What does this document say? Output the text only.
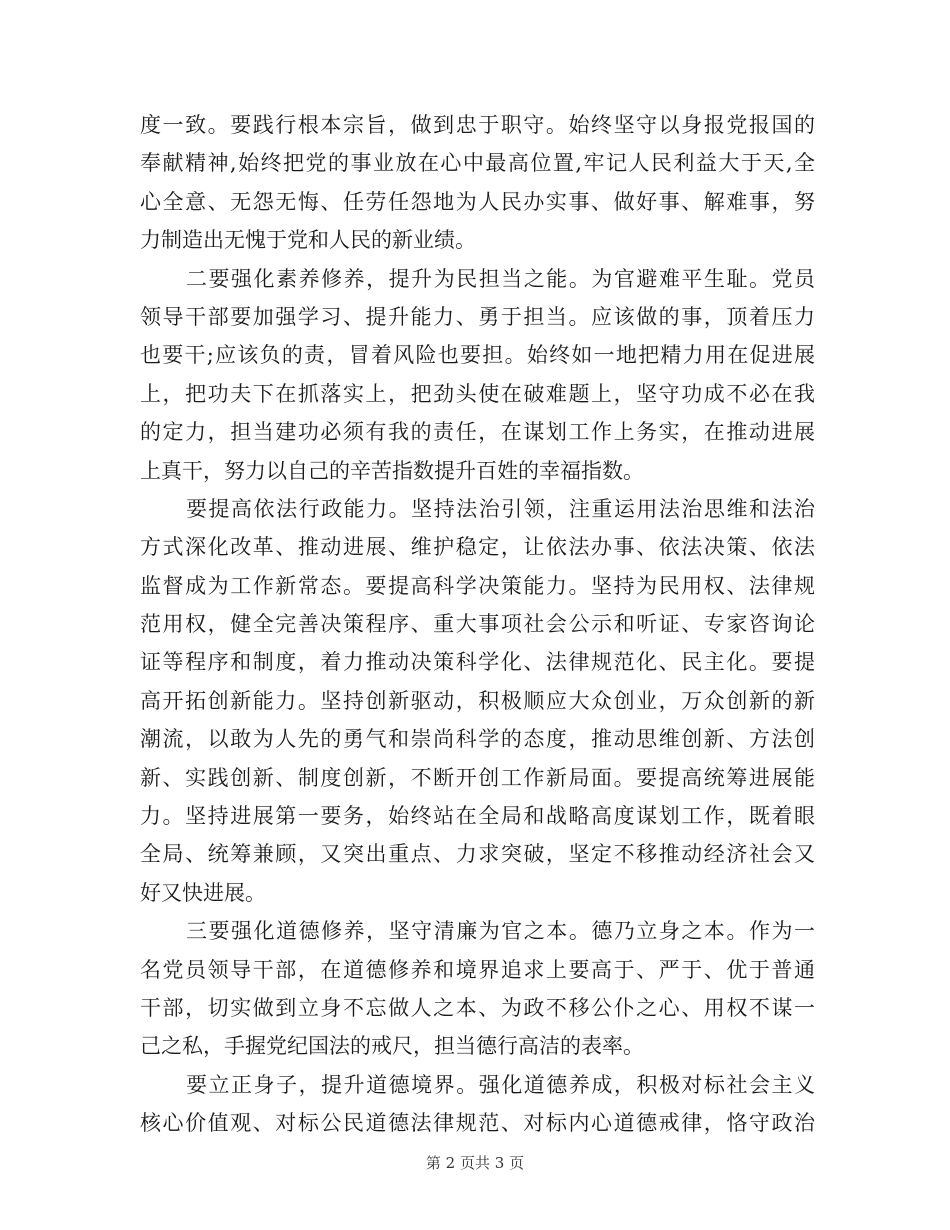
度一致。要践行根本宗旨，做到忠于职守。始终坚守以身报党报国的
奉献精神,始终把党的事业放在心中最高位置,牢记人民利益大于天,全
心全意、无怨无悔、任劳任怨地为人民办实事、做好事、解难事，努
力制造出无愧于党和人民的新业绩。
二要强化素养修养，提升为民担当之能。为官避难平生耻。党员
领导干部要加强学习、提升能力、勇于担当。应该做的事，顶着压力
也要干;应该负的责，冒着风险也要担。始终如一地把精力用在促进展
上，把功夫下在抓落实上，把劲头使在破难题上，坚守功成不必在我
的定力，担当建功必须有我的责任，在谋划工作上务实，在推动进展
上真干，努力以自己的辛苦指数提升百姓的幸福指数。
要提高依法行政能力。坚持法治引领，注重运用法治思维和法治
方式深化改革、推动进展、维护稳定，让依法办事、依法决策、依法
监督成为工作新常态。要提高科学决策能力。坚持为民用权、法律规
范用权，健全完善决策程序、重大事项社会公示和听证、专家咨询论
证等程序和制度，着力推动决策科学化、法律规范化、民主化。要提
高开拓创新能力。坚持创新驱动，积极顺应大众创业，万众创新的新
潮流，以敢为人先的勇气和崇尚科学的态度，推动思维创新、方法创
新、实践创新、制度创新，不断开创工作新局面。要提高统筹进展能
力。坚持进展第一要务，始终站在全局和战略高度谋划工作，既着眼
全局、统筹兼顾，又突出重点、力求突破，坚定不移推动经济社会又
好又快进展。
三要强化道德修养，坚守清廉为官之本。德乃立身之本。作为一
名党员领导干部，在道德修养和境界追求上要高于、严于、优于普通
干部，切实做到立身不忘做人之本、为政不移公仆之心、用权不谋一
己之私，手握党纪国法的戒尺，担当德行高洁的表率。
要立正身子，提升道德境界。强化道德养成，积极对标社会主义
核心价值观、对标公民道德法律规范、对标内心道德戒律，恪守政治
第 2 页共 3 页
